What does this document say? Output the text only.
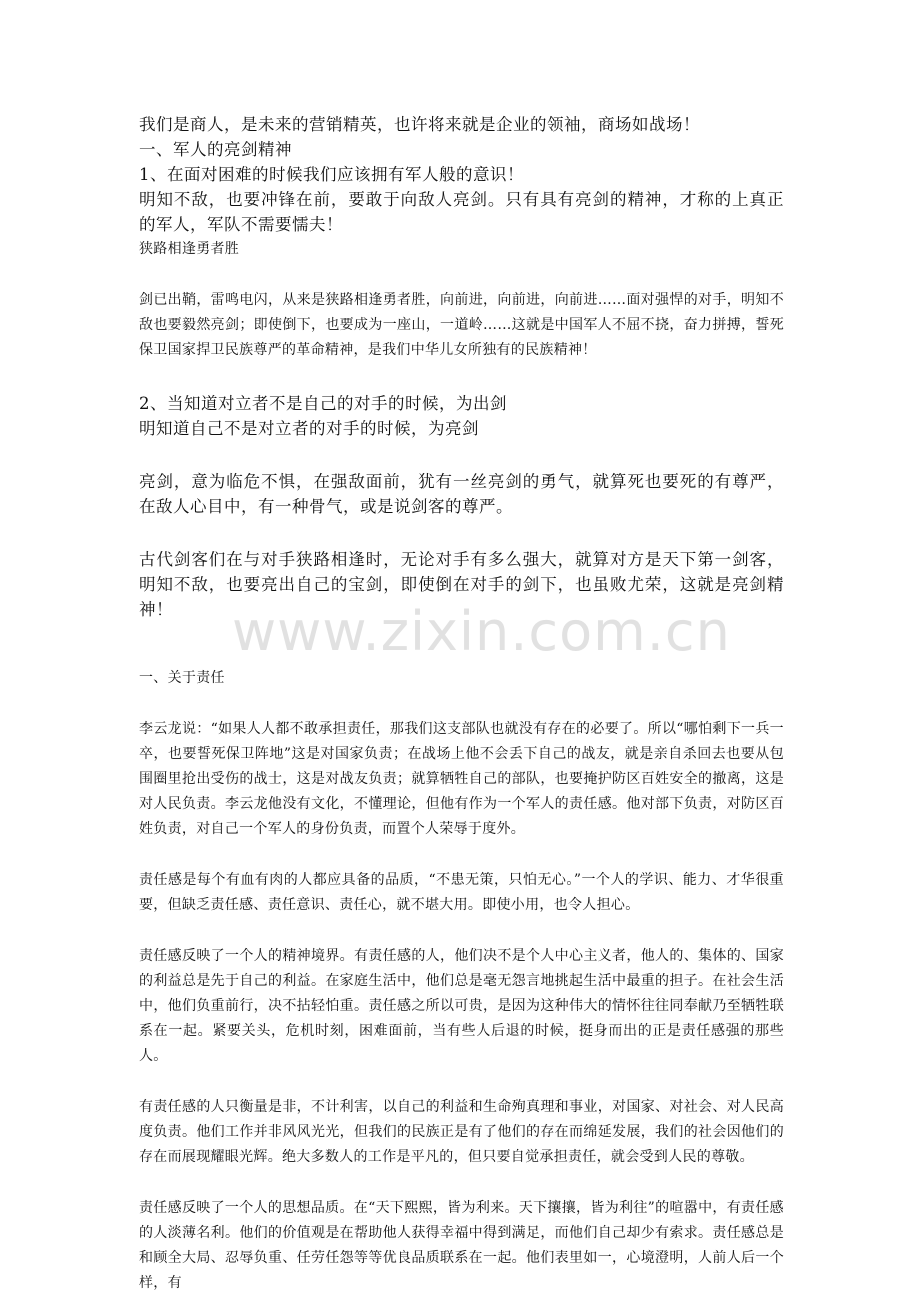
www.zixin.com.cn

我们是商人，是未来的营销精英，也许将来就是企业的领袖，商场如战场！

一、军人的亮剑精神

1、在面对困难的时候我们应该拥有军人般的意识！

明知不敌，也要冲锋在前，要敢于向敌人亮剑。只有具有亮剑的精神，才称的上真正的军人，军队不需要懦夫！

狭路相逢勇者胜

剑已出鞘，雷鸣电闪，从来是狭路相逢勇者胜，向前进，向前进，向前进……面对强悍的对手，明知不敌也要毅然亮剑；即使倒下，也要成为一座山，一道岭……这就是中国军人不屈不挠，奋力拼搏，誓死保卫国家捍卫民族尊严的革命精神，是我们中华儿女所独有的民族精神！

2、当知道对立者不是自己的对手的时候，为出剑

明知道自己不是对立者的对手的时候，为亮剑

亮剑，意为临危不惧，在强敌面前，犹有一丝亮剑的勇气，就算死也要死的有尊严，在敌人心目中，有一种骨气，或是说剑客的尊严。

古代剑客们在与对手狭路相逢时，无论对手有多么强大，就算对方是天下第一剑客，明知不敌，也要亮出自己的宝剑，即使倒在对手的剑下，也虽败尤荣，这就是亮剑精神！

一、关于责任

李云龙说：“如果人人都不敢承担责任，那我们这支部队也就没有存在的必要了。所以“哪怕剩下一兵一卒，也要誓死保卫阵地”这是对国家负责；在战场上他不会丢下自己的战友，就是亲自杀回去也要从包围圈里抢出受伤的战士，这是对战友负责；就算牺牲自己的部队，也要掩护防区百姓安全的撤离，这是对人民负责。李云龙他没有文化，不懂理论，但他有作为一个军人的责任感。他对部下负责，对防区百姓负责，对自己一个军人的身份负责，而置个人荣辱于度外。

责任感是每个有血有肉的人都应具备的品质，“不患无策，只怕无心。”一个人的学识、能力、才华很重要，但缺乏责任感、责任意识、责任心，就不堪大用。即使小用，也令人担心。

责任感反映了一个人的精神境界。有责任感的人，他们决不是个人中心主义者，他人的、集体的、国家的利益总是先于自己的利益。在家庭生活中，他们总是毫无怨言地挑起生活中最重的担子。在社会生活中，他们负重前行，决不拈轻怕重。责任感之所以可贵，是因为这种伟大的情怀往往同奉献乃至牺牲联系在一起。紧要关头，危机时刻，困难面前，当有些人后退的时候，挺身而出的正是责任感强的那些人。

有责任感的人只衡量是非，不计利害，以自己的利益和生命殉真理和事业，对国家、对社会、对人民高度负责。他们工作并非风风光光，但我们的民族正是有了他们的存在而绵延发展，我们的社会因他们的存在而展现耀眼光辉。绝大多数人的工作是平凡的，但只要自觉承担责任，就会受到人民的尊敬。

责任感反映了一个人的思想品质。在“天下熙熙，皆为利来。天下攘攘，皆为利往”的喧嚣中，有责任感的人淡薄名利。他们的价值观是在帮助他人获得幸福中得到满足，而他们自己却少有索求。责任感总是和顾全大局、忍辱负重、任劳任怨等等优良品质联系在一起。他们表里如一，心境澄明，人前人后一个样，有
